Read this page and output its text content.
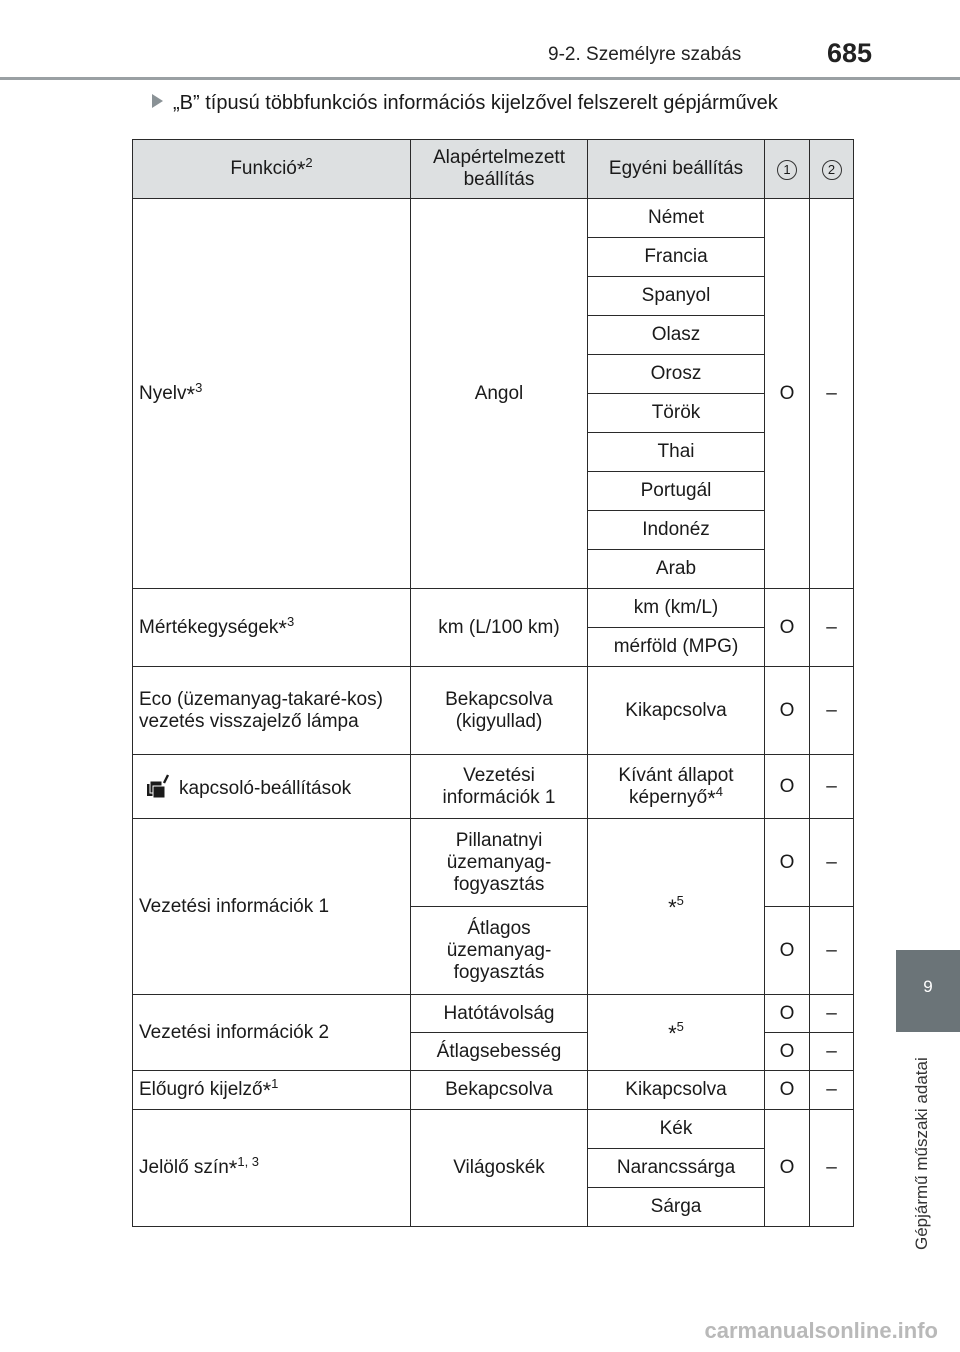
9-2. Személyre szabás	685
„B” típusú többfunkciós információs kijelzővel felszerelt gépjárművek
Funkció*$^2$	Alapértelmezett beállítás	Egyéni beállítás	1	2
Nyelv*$^3$	Angol	Német	O	–
		Francia		
		Spanyol		
		Olasz		
		Orosz		
		Török		
		Thai		
		Portugál		
		Indonéz		
		Arab		
Mértékegységek*$^3$	km (L/100 km)	km (km/L)	O	–
		mérföld (MPG)		
Eco (üzemanyag-takaré-kos) vezetés visszajelző lámpa	Bekapcsolva (kigyullad)	Kikapcsolva	O	–
kapcsoló-beállítások	Vezetési információk 1	Kívánt állapot képernyő*$^4$	O	–
Vezetési információk 1	Pillanatnyi üzemanyag-fogyasztás	*$^5$	O	–
	Átlagos üzemanyag-fogyasztás		O	–
Vezetési információk 2	Hatótávolság	*$^5$	O	–
	Átlagsebesség		O	–
Előugró kijelző*$^1$	Bekapcsolva	Kikapcsolva	O	–
Jelölő szín*$^{1, 3}$	Világoskék	Kék	O	–
		Narancssárga		
		Sárga		
9
Gépjármű műszaki adatai
carmanualsonline.info
